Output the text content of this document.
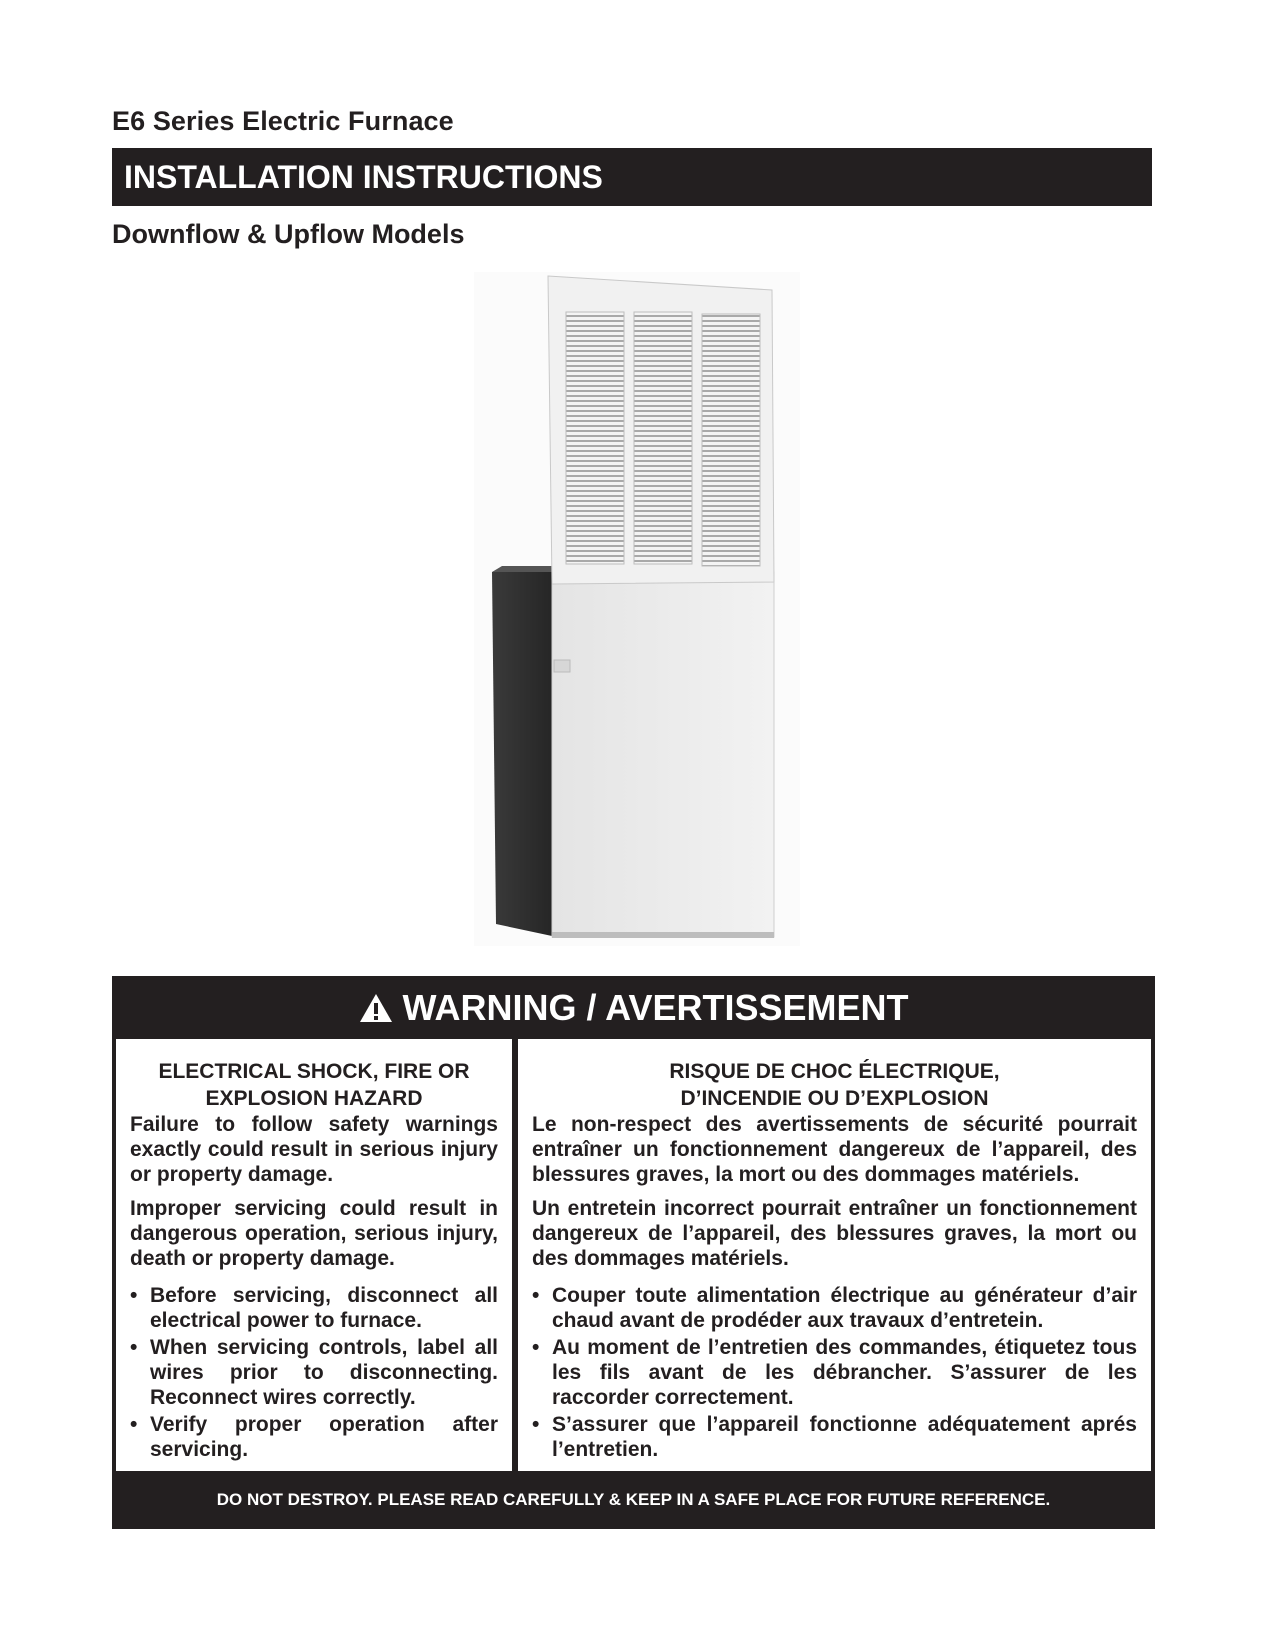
E6 Series Electric Furnace
INSTALLATION INSTRUCTIONS
Downflow & Upflow Models
WARNING / AVERTISSEMENT
ELECTRICAL SHOCK, FIRE OR
EXPLOSION HAZARD

Failure to follow safety warnings exactly could result in serious injury or property damage.

Improper servicing could result in dangerous operation, serious injury, death or property damage.

• Before servicing, disconnect all electrical power to furnace.
• When servicing controls, label all wires prior to disconnecting. Reconnect wires correctly.
• Verify proper operation after servicing.
RISQUE DE CHOC ÉLECTRIQUE,
D’INCENDIE OU D’EXPLOSION

Le non-respect des avertissements de sécurité pourrait entraîner un fonctionnement dangereux de l’appareil, des blessures graves, la mort ou des dommages matériels.

Un entretein incorrect pourrait entraîner un fonctionnement dangereux de l’appareil, des blessures graves, la mort ou des dommages matériels.

• Couper toute alimentation électrique au générateur d’air chaud avant de prodéder aux travaux d’entretein.
• Au moment de l’entretien des commandes, étiquetez tous les fils avant de les débrancher. S’assurer de les raccorder correctement.
• S’assurer que l’appareil fonctionne adéquatement aprés l’entretien.
DO NOT DESTROY. PLEASE READ CAREFULLY & KEEP IN A SAFE PLACE FOR FUTURE REFERENCE.
